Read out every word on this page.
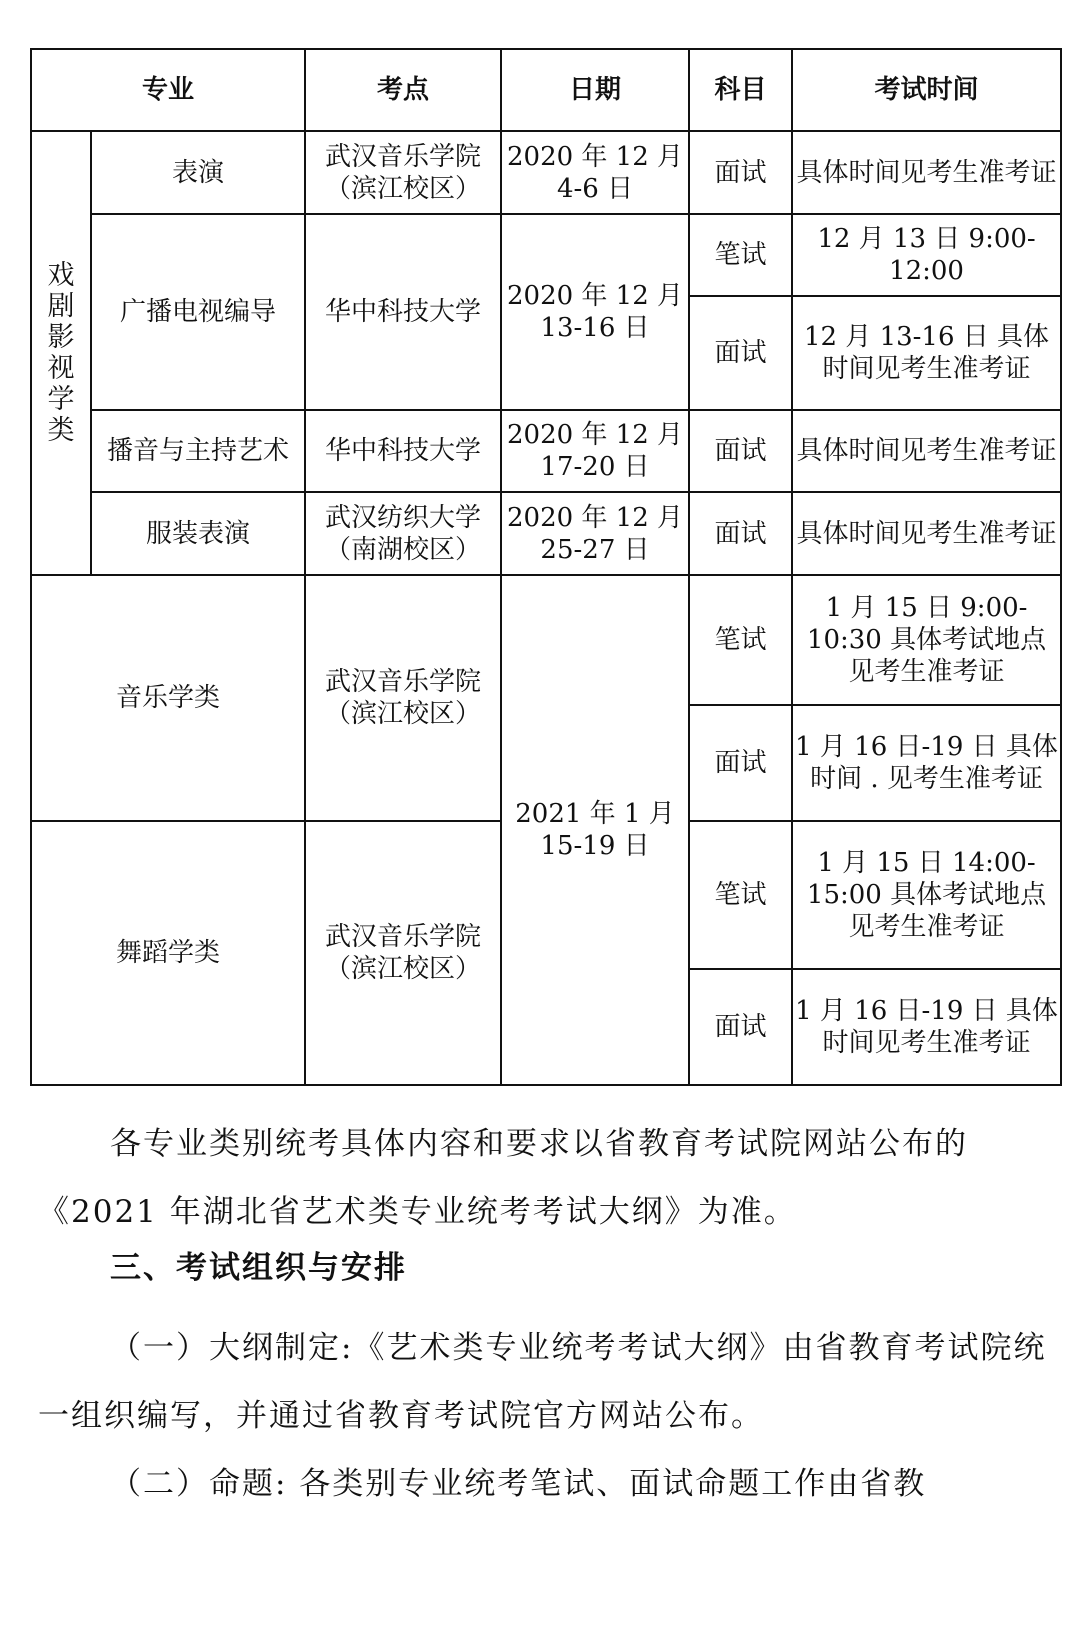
专业		考点	日期	科目	考试时间

戏剧影视学类	表演	武汉音乐学院（滨江校区）	2020 年 12 月 4-6 日	面试	具体时间见考生准考证
	广播电视编导	华中科技大学	2020 年 12 月 13-16 日	笔试	12 月 13 日 9:00-12:00
				面试	12 月 13-16 日 具体时间见考生准考证
	播音与主持艺术	华中科技大学	2020 年 12 月 17-20 日	面试	具体时间见考生准考证
	服装表演	武汉纺织大学（南湖校区）	2020 年 12 月 25-27 日	面试	具体时间见考生准考证
音乐学类		武汉音乐学院（滨江校区）	2021 年 1 月 15-19 日	笔试	1 月 15 日 9:00-10:30 具体考试地点见考生准考证
				面试	1 月 16 日-19 日 具体时间 . 见考生准考证
舞蹈学类		武汉音乐学院（滨江校区）		笔试	1 月 15 日 14:00-15:00 具体考试地点见考生准考证
				面试	1 月 16 日-19 日 具体时间见考生准考证
各专业类别统考具体内容和要求以省教育考试院网站公布的《2021 年湖北省艺术类专业统考考试大纲》为准。
三、考试组织与安排
（一）大纲制定:《艺术类专业统考考试大纲》由省教育考试院统一组织编写，并通过省教育考试院官方网站公布。
（二）命题: 各类别专业统考笔试、面试命题工作由省教
